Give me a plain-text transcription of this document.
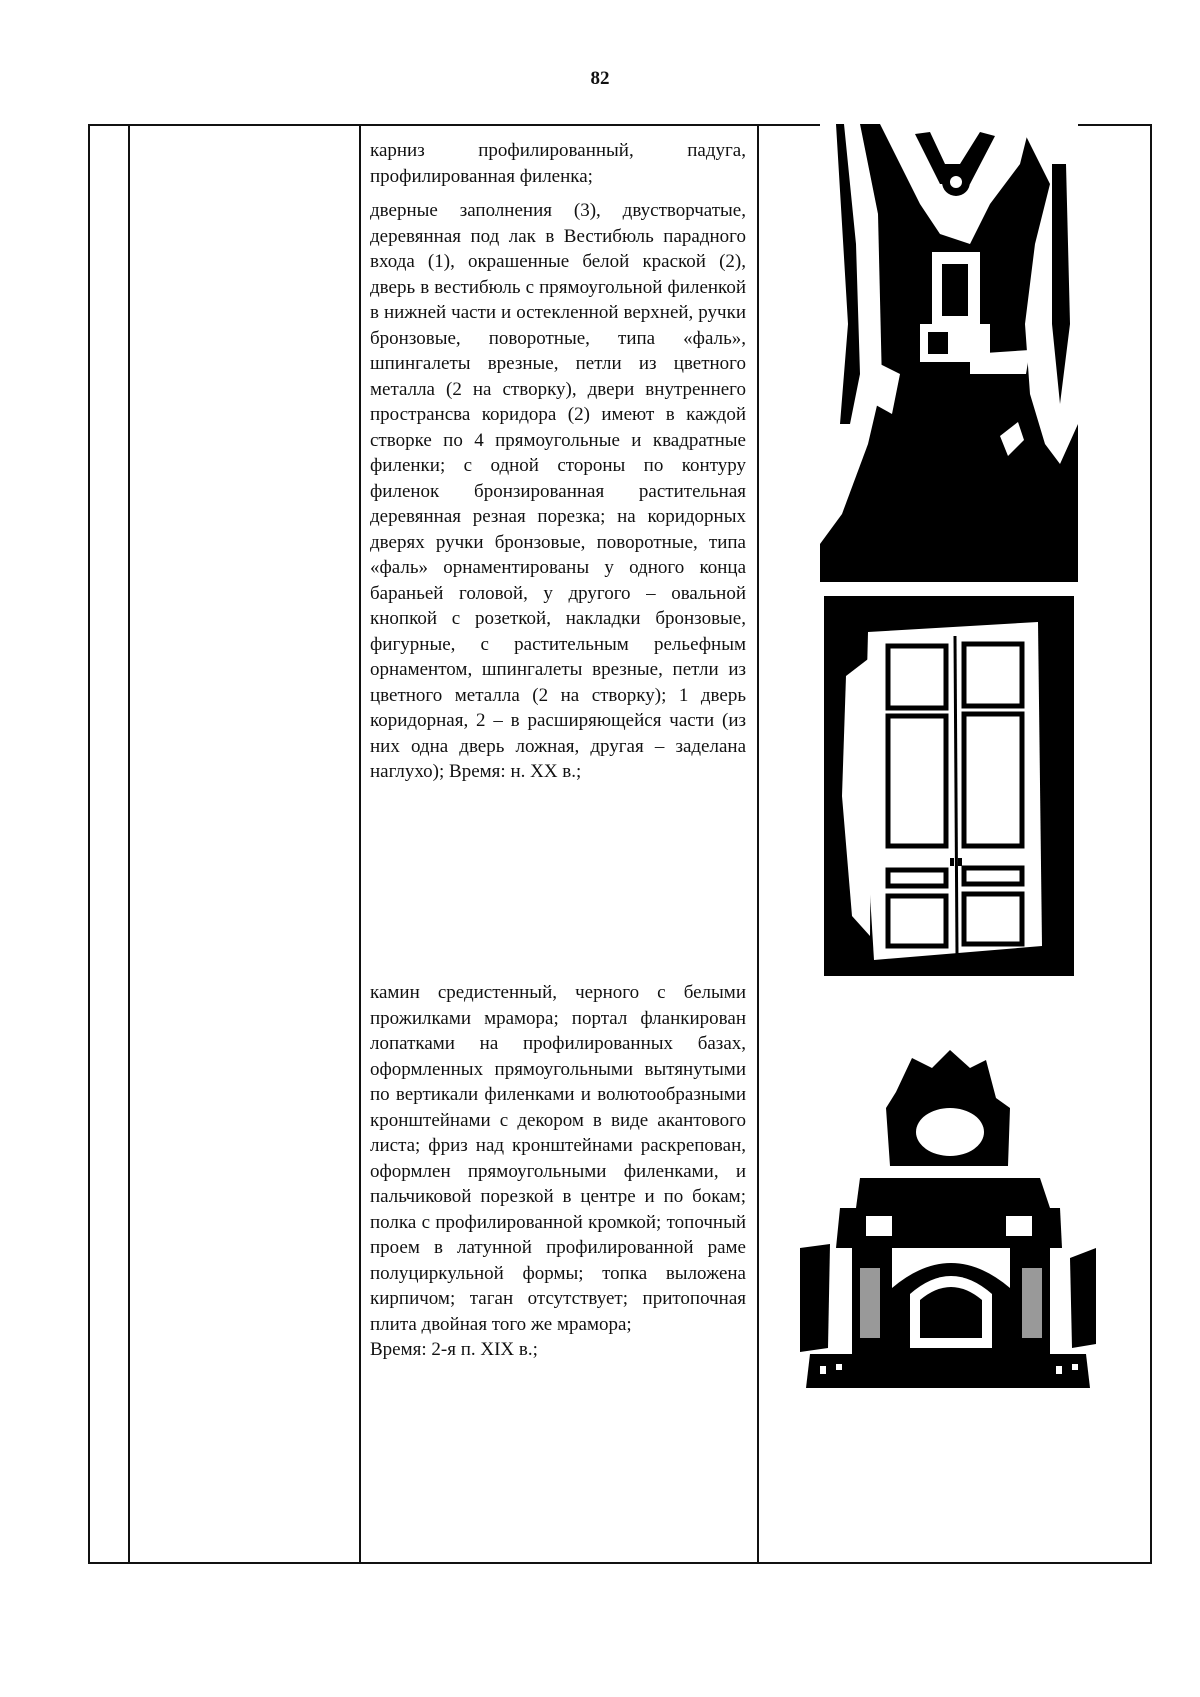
82

карниз профилированный, падуга, профилированная филенка;

дверные заполнения (3), двустворчатые, деревянная под лак в Вестибюль парадного входа (1), окрашенные белой краской (2), дверь в вестибюль с прямоугольной филенкой в нижней части и остекленной верхней, ручки бронзовые, поворотные, типа «фаль», шпингалеты врезные, петли из цветного металла (2 на створку), двери внутреннего пространсва коридора (2) имеют в каждой створке по 4 прямоугольные и квадратные филенки; с одной стороны по контуру филенок бронзированная растительная деревянная резная порезка; на коридорных дверях ручки бронзовые, поворотные, типа «фаль» орнаментированы у одного конца бараньей головой, у другого – овальной кнопкой с розеткой, накладки бронзовые, фигурные, с растительным рельефным орнаментом, шпингалеты врезные, петли из цветного металла (2 на створку); 1 дверь коридорная, 2 – в расширяющейся части (из них одна дверь ложная, другая – заделана наглухо); Время: н. XX в.;

камин средистенный, черного с белыми прожилками мрамора; портал фланкирован лопатками на профилированных базах, оформленных прямоугольными вытянутыми по вертикали филенками и волютообразными кронштейнами с декором в виде акантового листа; фриз над кронштейнами раскрепован, оформлен прямоугольными филенками, и пальчиковой порезкой в центре и по бокам; полка с профилированной кромкой; топочный проем в латунной профилированной раме полуциркульной формы; топка выложена кирпичом; таган отсутствует; притопочная плита двойная того же мрамора;

Время: 2-я п. XIX в.;
